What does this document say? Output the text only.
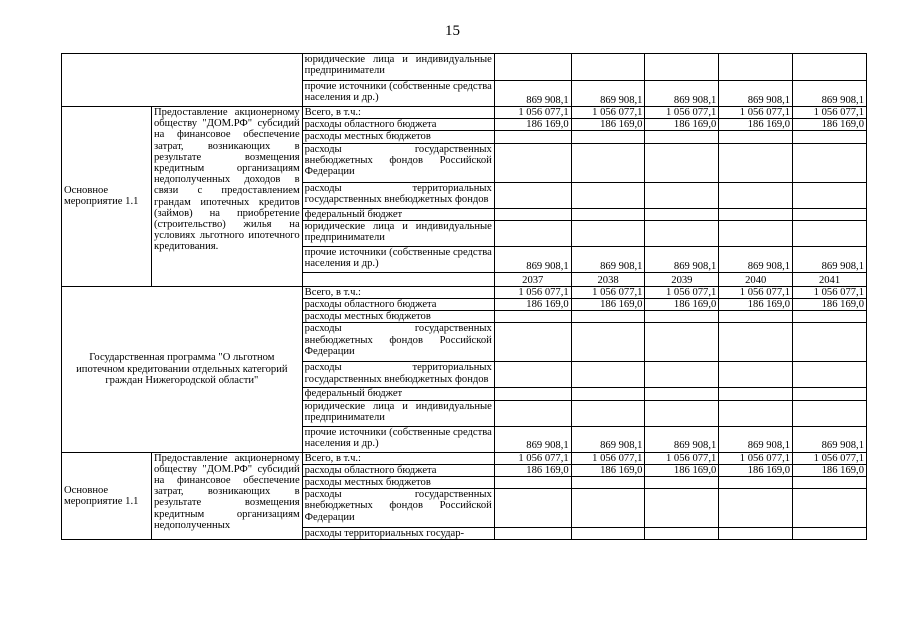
15
		юридические лица и индивидуальные предприниматели					
		прочие источники (собственные средства населения и др.)	869 908,1	869 908,1	869 908,1	869 908,1	869 908,1
Основное мероприятие 1.1	Предоставление акционерному обществу "ДОМ.РФ" субсидий на финансовое обеспечение затрат, возникающих в результате возмещения кредитным организациям недополученных доходов в связи с предоставлением грандам ипотечных кредитов (займов) на приобретение (строительство) жилья на условиях льготного ипотечного кредитования.	Всего, в т.ч.:	1 056 077,1	1 056 077,1	1 056 077,1	1 056 077,1	1 056 077,1
		расходы областного бюджета	186 169,0	186 169,0	186 169,0	186 169,0	186 169,0
		расходы местных бюджетов					
		расходы государственных внебюджетных фондов Российской Федерации					
		расходы территориальных государственных внебюджетных фондов					
		федеральный бюджет					
		юридические лица и индивидуальные предприниматели					
		прочие источники (собственные средства населения и др.)	869 908,1	869 908,1	869 908,1	869 908,1	869 908,1
			2037	2038	2039	2040	2041
Государственная программа "О льготном ипотечном кредитовании отдельных категорий граждан Нижегородской области"		Всего, в т.ч.:	1 056 077,1	1 056 077,1	1 056 077,1	1 056 077,1	1 056 077,1
		расходы областного бюджета	186 169,0	186 169,0	186 169,0	186 169,0	186 169,0
		расходы местных бюджетов					
		расходы государственных внебюджетных фондов Российской Федерации					
		расходы территориальных государственных внебюджетных фондов					
		федеральный бюджет					
		юридические лица и индивидуальные предприниматели					
		прочие источники (собственные средства населения и др.)	869 908,1	869 908,1	869 908,1	869 908,1	869 908,1
Основное мероприятие 1.1	Предоставление акционерному обществу "ДОМ.РФ" субсидий на финансовое обеспечение затрат, возникающих в результате возмещения кредитным организациям недополученных	Всего, в т.ч.:	1 056 077,1	1 056 077,1	1 056 077,1	1 056 077,1	1 056 077,1
		расходы областного бюджета	186 169,0	186 169,0	186 169,0	186 169,0	186 169,0
		расходы местных бюджетов					
		расходы государственных внебюджетных фондов Российской Федерации					
		расходы территориальных государ-					
